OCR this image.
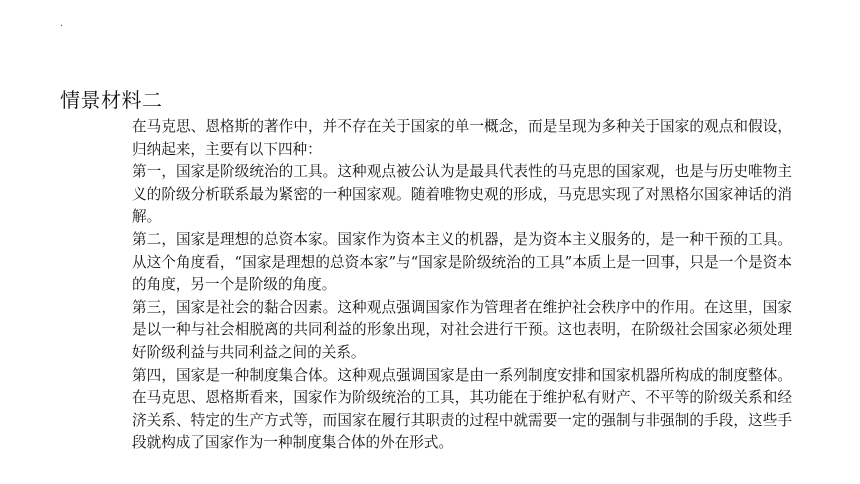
.
情景材料二

在马克思、恩格斯的著作中，并不存在关于国家的单一概念，而是呈现为多种关于国家的观点和假设，归纳起来，主要有以下四种：

第一，国家是阶级统治的工具。这种观点被公认为是最具代表性的马克思的国家观，也是与历史唯物主义的阶级分析联系最为紧密的一种国家观。随着唯物史观的形成，马克思实现了对黑格尔国家神话的消解。

第二，国家是理想的总资本家。国家作为资本主义的机器，是为资本主义服务的，是一种干预的工具。从这个角度看，“国家是理想的总资本家”与“国家是阶级统治的工具”本质上是一回事，只是一个是资本的角度，另一个是阶级的角度。

第三，国家是社会的黏合因素。这种观点强调国家作为管理者在维护社会秩序中的作用。在这里，国家是以一种与社会相脱离的共同利益的形象出现，对社会进行干预。这也表明，在阶级社会国家必须处理好阶级利益与共同利益之间的关系。

第四，国家是一种制度集合体。这种观点强调国家是由一系列制度安排和国家机器所构成的制度整体。在马克思、恩格斯看来，国家作为阶级统治的工具，其功能在于维护私有财产、不平等的阶级关系和经济关系、特定的生产方式等，而国家在履行其职责的过程中就需要一定的强制与非强制的手段，这些手段就构成了国家作为一种制度集合体的外在形式。
